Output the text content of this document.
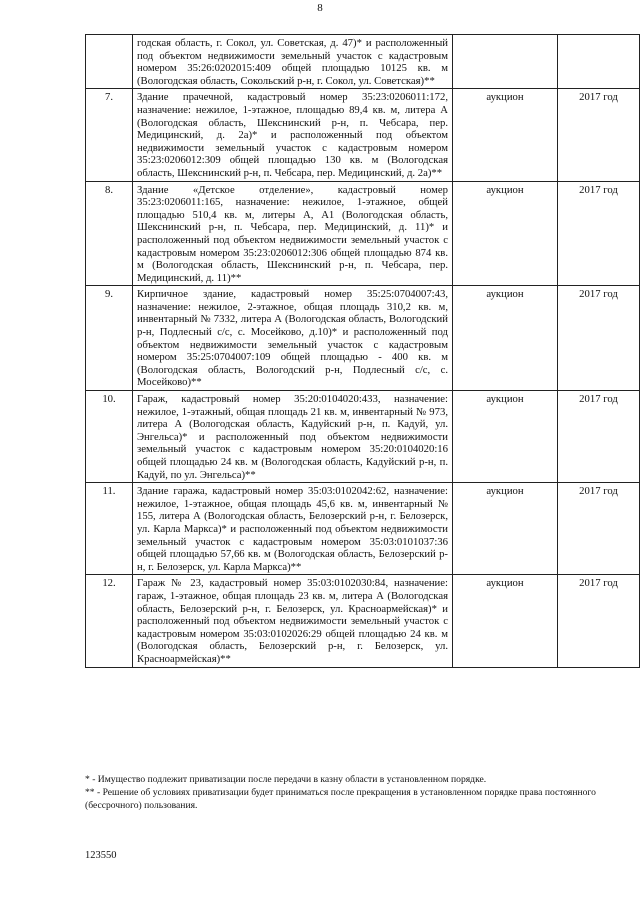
8
	годская область, г. Сокол, ул. Советская, д. 47)* и расположенный под объектом недвижимости земельный участок с кадастровым номером 35:26:0202015:409 общей площадью 10125 кв. м (Вологодская область, Сокольский р-н, г. Сокол, ул. Советская)**		
7.	Здание прачечной, кадастровый номер 35:23:0206011:172, назначение: нежилое, 1-этажное, площадью 89,4 кв. м, литера А (Вологодская область, Шекснинский р-н, п. Чебсара, пер. Медицинский, д. 2а)* и расположенный под объектом недвижимости земельный участок с кадастровым номером 35:23:0206012:309 общей площадью 130 кв. м (Вологодская область, Шекснинский р-н, п. Чебсара, пер. Медицинский, д. 2а)**	аукцион	2017 год
8.	Здание «Детское отделение», кадастровый номер 35:23:0206011:165, назначение: нежилое, 1-этажное, общей площадью 510,4 кв. м, литеры А, А1 (Вологодская область, Шекснинский р-н, п. Чебсара, пер. Медицинский, д. 11)* и расположенный под объектом недвижимости земельный участок с кадастровым номером 35:23:0206012:306 общей площадью 874 кв. м (Вологодская область, Шекснинский р-н, п. Чебсара, пер. Медицинский, д. 11)**	аукцион	2017 год
9.	Кирпичное здание, кадастровый номер 35:25:0704007:43, назначение: нежилое, 2-этажное, общая площадь 310,2 кв. м, инвентарный № 7332, литера А (Вологодская область, Вологодский р-н, Подлесный с/с, с. Мосейково, д.10)* и расположенный под объектом недвижимости земельный участок с кадастровым номером 35:25:0704007:109 общей площадью - 400 кв. м (Вологодская область, Вологодский р-н, Подлесный с/с, с. Мосейково)**	аукцион	2017 год
10.	Гараж, кадастровый номер 35:20:0104020:433, назначение: нежилое, 1-этажный, общая площадь 21 кв. м, инвентарный № 973, литера А (Вологодская область, Кадуйский р-н, п. Кадуй, ул. Энгельса)* и расположенный под объектом недвижимости земельный участок с кадастровым номером 35:20:0104020:16 общей площадью 24 кв. м (Вологодская область, Кадуйский р-н, п. Кадуй, по ул. Энгельса)**	аукцион	2017 год
11.	Здание гаража, кадастровый номер 35:03:0102042:62, назначение: нежилое, 1-этажное, общая площадь 45,6 кв. м, инвентарный № 155, литера А (Вологодская область, Белозерский р-н, г. Белозерск, ул. Карла Маркса)* и расположенный под объектом недвижимости земельный участок с кадастровым номером 35:03:0101037:36 общей площадью 57,66 кв. м (Вологодская область, Белозерский р-н, г. Белозерск, ул. Карла Маркса)**	аукцион	2017 год
12.	Гараж № 23, кадастровый номер 35:03:0102030:84, назначение: гараж, 1-этажное, общая площадь 23 кв. м, литера А (Вологодская область, Белозерский р-н, г. Белозерск, ул. Красноармейская)* и расположенный под объектом недвижимости земельный участок с кадастровым номером 35:03:0102026:29 общей площадью 24 кв. м (Вологодская область, Белозерский р-н, г. Белозерск, ул. Красноармейская)**	аукцион	2017 год

* - Имущество подлежит приватизации после передачи в казну области в установленном порядке.

** - Решение об условиях приватизации будет приниматься после прекращения в установленном порядке права постоянного (бессрочного) пользования.

123550
